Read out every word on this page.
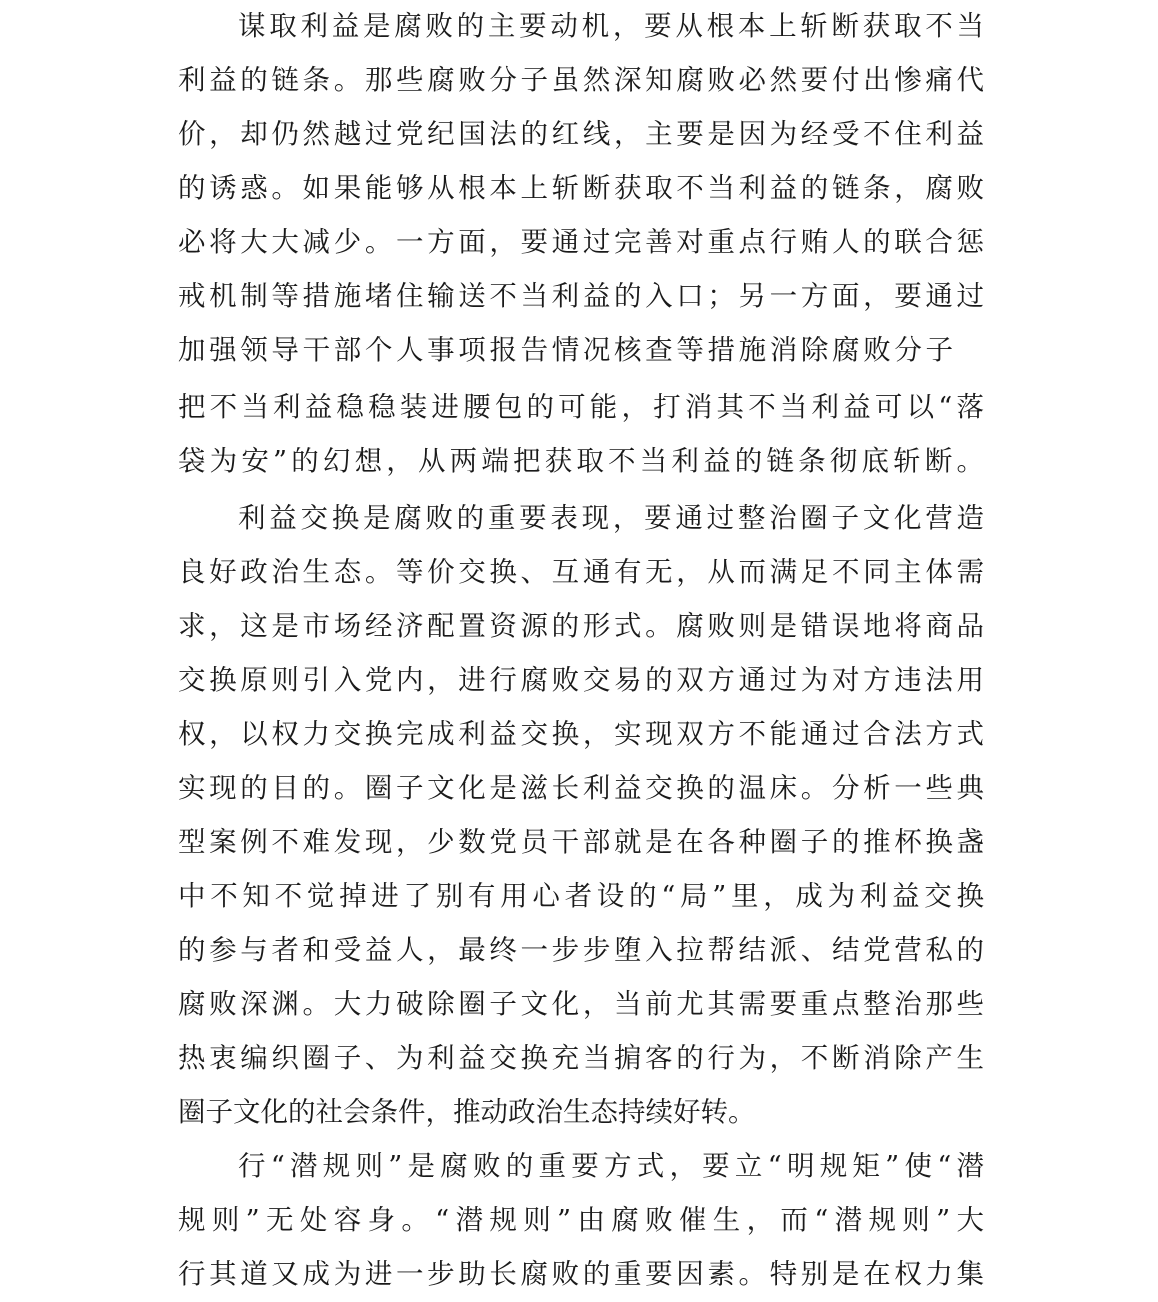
谋取利益是腐败的主要动机，要从根本上斩断获取不当
利益的链条。那些腐败分子虽然深知腐败必然要付出惨痛代
价，却仍然越过党纪国法的红线，主要是因为经受不住利益
的诱惑。如果能够从根本上斩断获取不当利益的链条，腐败
必将大大减少。一方面，要通过完善对重点行贿人的联合惩
戒机制等措施堵住输送不当利益的入口；另一方面，要通过
加强领导干部个人事项报告情况核查等措施消除腐败分子
把不当利益稳稳装进腰包的可能，打消其不当利益可以“落
袋为安”的幻想，从两端把获取不当利益的链条彻底斩断。
利益交换是腐败的重要表现，要通过整治圈子文化营造
良好政治生态。等价交换、互通有无，从而满足不同主体需
求，这是市场经济配置资源的形式。腐败则是错误地将商品
交换原则引入党内，进行腐败交易的双方通过为对方违法用
权，以权力交换完成利益交换，实现双方不能通过合法方式
实现的目的。圈子文化是滋长利益交换的温床。分析一些典
型案例不难发现，少数党员干部就是在各种圈子的推杯换盏
中不知不觉掉进了别有用心者设的“局”里，成为利益交换
的参与者和受益人，最终一步步堕入拉帮结派、结党营私的
腐败深渊。大力破除圈子文化，当前尤其需要重点整治那些
热衷编织圈子、为利益交换充当掮客的行为，不断消除产生
圈子文化的社会条件，推动政治生态持续好转。
行“潜规则”是腐败的重要方式，要立“明规矩”使“潜
规则”无处容身。“潜规则”由腐败催生，而“潜规则”大
行其道又成为进一步助长腐败的重要因素。特别是在权力集
